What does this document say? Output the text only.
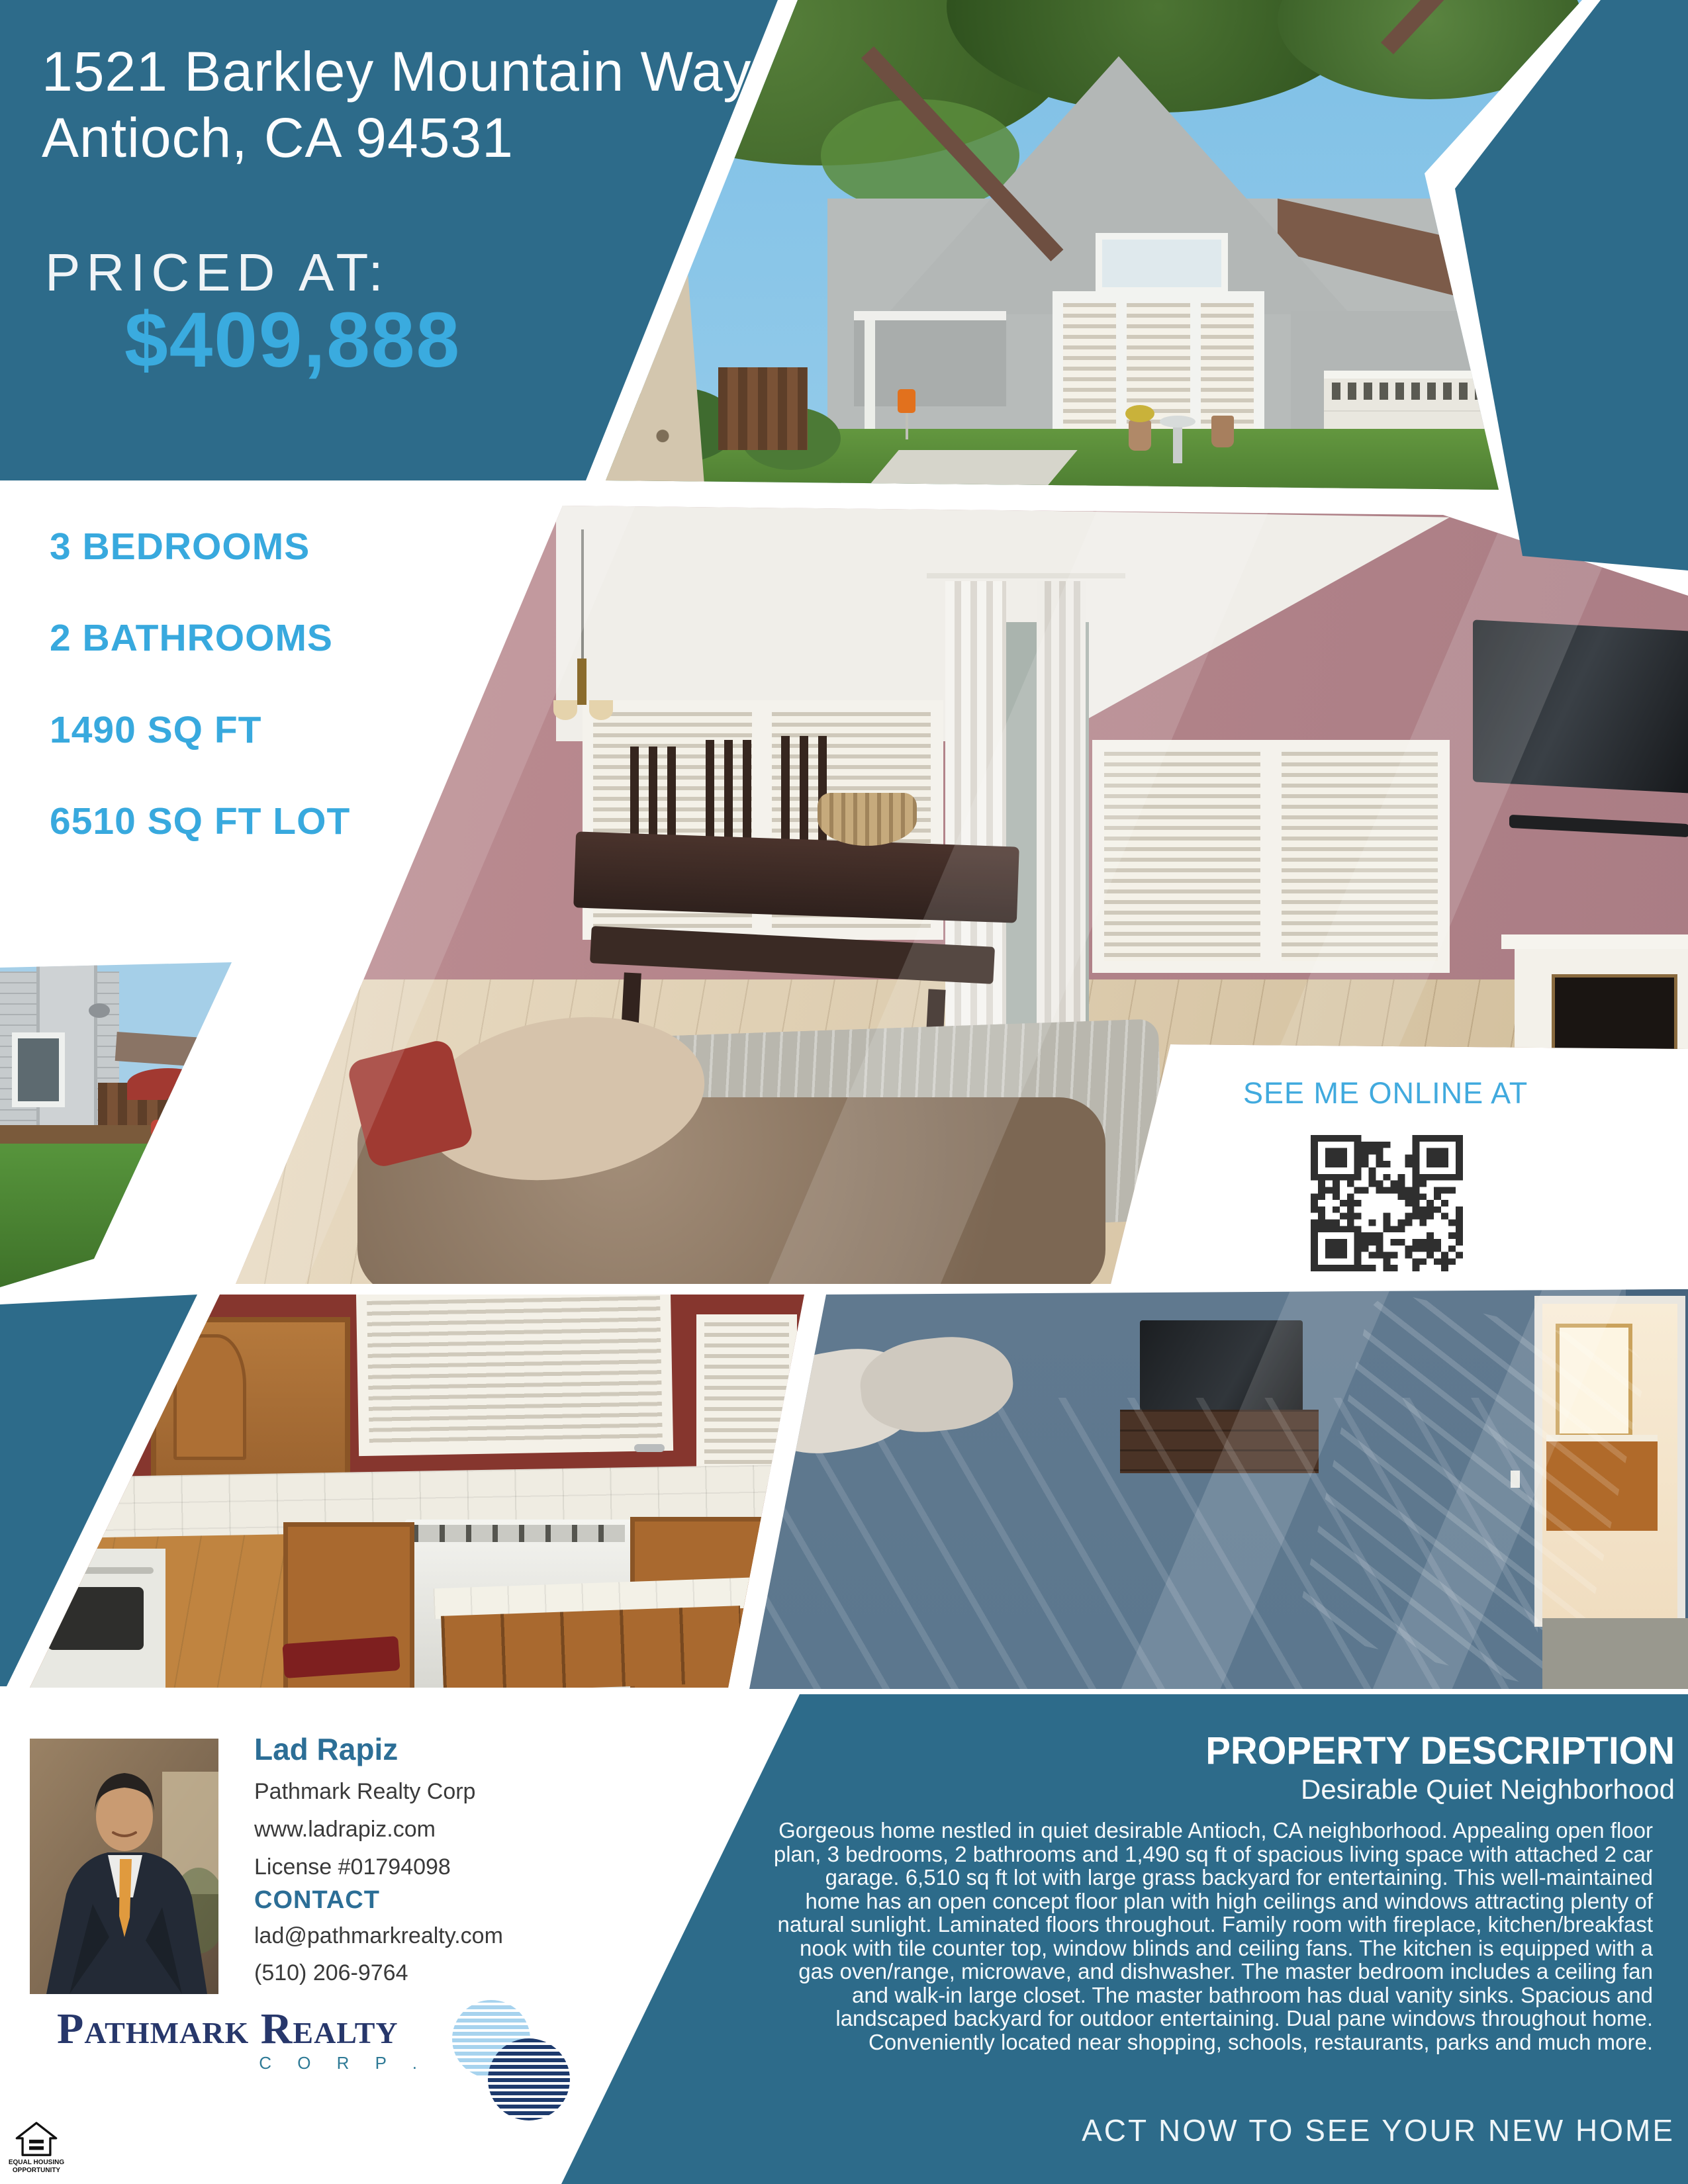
1521 Barkley Mountain Way
Antioch, CA 94531
PRICED AT:
$409,888
3 BEDROOMS
2 BATHROOMS
1490 SQ FT
6510 SQ FT LOT
SEE ME ONLINE AT
Lad Rapiz
Pathmark Realty Corp
www.ladrapiz.com
License #01794098
CONTACT
lad@pathmarkrealty.com
(510) 206-9764
Pathmark Realty
C O R P .
EQUAL HOUSING
OPPORTUNITY
PROPERTY DESCRIPTION
Desirable Quiet Neighborhood
Gorgeous home nestled in quiet desirable Antioch, CA neighborhood. Appealing open floor plan, 3 bedrooms, 2 bathrooms and 1,490 sq ft of spacious living space with attached 2 car garage. 6,510 sq ft lot with large grass backyard for entertaining. This well-maintained home has an open concept floor plan with high ceilings and windows attracting plenty of natural sunlight. Laminated floors throughout. Family room with fireplace, kitchen/breakfast nook with tile counter top, window blinds and ceiling fans. The kitchen is equipped with a gas oven/range, microwave, and dishwasher. The master bedroom includes a ceiling fan and walk-in large closet. The master bathroom has dual vanity sinks. Spacious and landscaped backyard for outdoor entertaining. Dual pane windows throughout home. Conveniently located near shopping, schools, restaurants, parks and much more.
ACT NOW TO SEE YOUR NEW HOME
